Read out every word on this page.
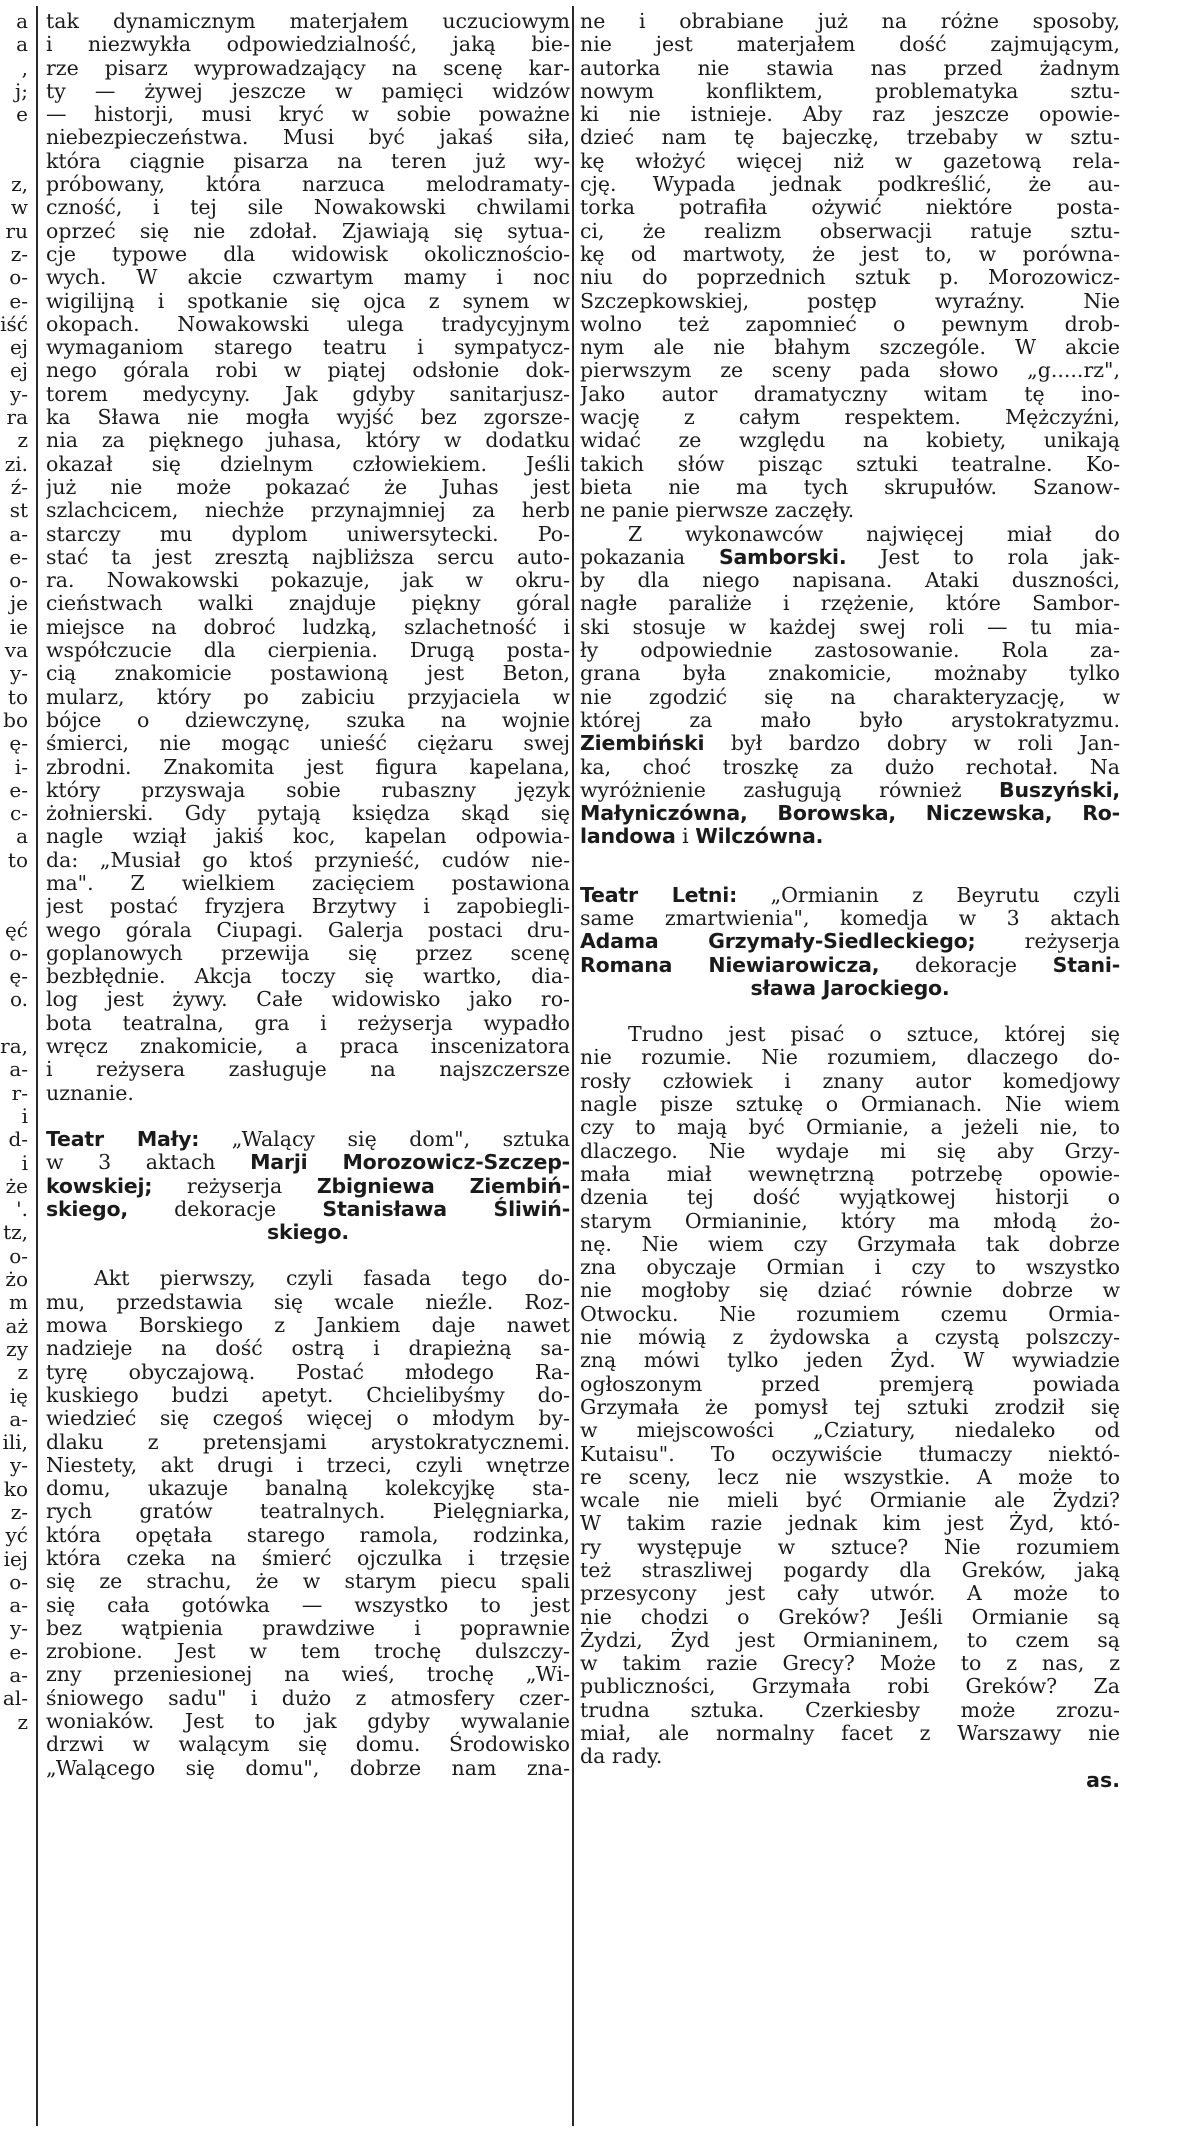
a
a
,
j;
e
z,
w
ru
z-
o-
e-
iść
ej
ej
y-
ra
z
zi.
ź-
st
a-
e-
o-
je
ie
va
y-
to
bo
ę-
i-
e-
c-
a
to
ęć
o-
ę-
o.
ra,
a-
r-
i
d-
i
że
'.
tz,
o-
żo
m
aż
zy
z
ię
a-
ili,
y-
ko
z-
yć
iej
o-
a-
y-
e-
a-
al-
z
tak dynamicznym materjałem uczuciowym
i niezwykła odpowiedzialność, jaką bie-
rze pisarz wyprowadzający na scenę kar-
ty — żywej jeszcze w pamięci widzów
— historji, musi kryć w sobie poważne
niebezpieczeństwa. Musi być jakaś siła,
która ciągnie pisarza na teren już wy-
próbowany, która narzuca melodramaty-
czność, i tej sile Nowakowski chwilami
oprzeć się nie zdołał. Zjawiają się sytua-
cje typowe dla widowisk okolicznościo-
wych. W akcie czwartym mamy i noc
wigilijną i spotkanie się ojca z synem w
okopach. Nowakowski ulega tradycyjnym
wymaganiom starego teatru i sympatycz-
nego górala robi w piątej odsłonie dok-
torem medycyny. Jak gdyby sanitarjusz-
ka Sława nie mogła wyjść bez zgorsze-
nia za pięknego juhasa, który w dodatku
okazał się dzielnym człowiekiem. Jeśli
już nie może pokazać że Juhas jest
szlachcicem, niechże przynajmniej za herb
starczy mu dyplom uniwersytecki. Po-
stać ta jest zresztą najbliższa sercu auto-
ra. Nowakowski pokazuje, jak w okru-
cieństwach walki znajduje piękny góral
miejsce na dobroć ludzką, szlachetność i
współczucie dla cierpienia. Drugą posta-
cią znakomicie postawioną jest Beton,
mularz, który po zabiciu przyjaciela w
bójce o dziewczynę, szuka na wojnie
śmierci, nie mogąc unieść ciężaru swej
zbrodni. Znakomita jest figura kapelana,
który przyswaja sobie rubaszny język
żołnierski. Gdy pytają księdza skąd się
nagle wziął jakiś koc, kapelan odpowia-
da: „Musiał go ktoś przynieść, cudów nie-
ma". Z wielkiem zacięciem postawiona
jest postać fryzjera Brzytwy i zapobiegli-
wego górala Ciupagi. Galerja postaci dru-
goplanowych przewija się przez scenę
bezbłędnie. Akcja toczy się wartko, dia-
log jest żywy. Całe widowisko jako ro-
bota teatralna, gra i reżyserja wypadło
wręcz znakomicie, a praca inscenizatora
i reżysera zasługuje na najszczersze
uznanie.
Teatr Mały: „Walący się dom", sztuka
w 3 aktach Marji Morozowicz-Szczep-
kowskiej; reżyserja Zbigniewa Ziembiń-
skiego, dekoracje Stanisława Śliwiń-
skiego.
Akt pierwszy, czyli fasada tego do-
mu, przedstawia się wcale nieźle. Roz-
mowa Borskiego z Jankiem daje nawet
nadzieje na dość ostrą i drapieżną sa-
tyrę obyczajową. Postać młodego Ra-
kuskiego budzi apetyt. Chcielibyśmy do-
wiedzieć się czegoś więcej o młodym by-
dlaku z pretensjami arystokratycznemi.
Niestety, akt drugi i trzeci, czyli wnętrze
domu, ukazuje banalną kolekcyjkę sta-
rych gratów teatralnych. Pielęgniarka,
która opętała starego ramola, rodzinka,
która czeka na śmierć ojczulka i trzęsie
się ze strachu, że w starym piecu spali
się cała gotówka — wszystko to jest
bez wątpienia prawdziwe i poprawnie
zrobione. Jest w tem trochę dulszczy-
zny przeniesionej na wieś, trochę „Wi-
śniowego sadu" i dużo z atmosfery czer-
woniaków. Jest to jak gdyby wywalanie
drzwi w walącym się domu. Środowisko
„Walącego się domu", dobrze nam zna-
ne i obrabiane już na różne sposoby,
nie jest materjałem dość zajmującym,
autorka nie stawia nas przed żadnym
nowym konfliktem, problematyka sztu-
ki nie istnieje. Aby raz jeszcze opowie-
dzieć nam tę bajeczkę, trzebaby w sztu-
kę włożyć więcej niż w gazetową rela-
cję. Wypada jednak podkreślić, że au-
torka potrafiła ożywić niektóre posta-
ci, że realizm obserwacji ratuje sztu-
kę od martwoty, że jest to, w porówna-
niu do poprzednich sztuk p. Morozowicz-
Szczepkowskiej, postęp wyraźny. Nie
wolno też zapomnieć o pewnym drob-
nym ale nie błahym szczególe. W akcie
pierwszym ze sceny pada słowo „g.....rz",
Jako autor dramatyczny witam tę ino-
wację z całym respektem. Mężczyźni,
widać ze względu na kobiety, unikają
takich słów pisząc sztuki teatralne. Ko-
bieta nie ma tych skrupułów. Szanow-
ne panie pierwsze zaczęły.
Z wykonawców najwięcej miał do
pokazania Samborski. Jest to rola jak-
by dla niego napisana. Ataki duszności,
nagłe paraliże i rzężenie, które Sambor-
ski stosuje w każdej swej roli — tu mia-
ły odpowiednie zastosowanie. Rola za-
grana była znakomicie, możnaby tylko
nie zgodzić się na charakteryzację, w
której za mało było arystokratyzmu.
Ziembiński był bardzo dobry w roli Jan-
ka, choć troszkę za dużo rechotał. Na
wyróżnienie zasługują również Buszyński,
Małyniczówna, Borowska, Niczewska, Ro-
landowa i Wilczówna.
Teatr Letni: „Ormianin z Beyrutu czyli
same zmartwienia", komedja w 3 aktach
Adama Grzymały-Siedleckiego; reżyserja
Romana Niewiarowicza, dekoracje Stani-
sława Jarockiego.
Trudno jest pisać o sztuce, której się
nie rozumie. Nie rozumiem, dlaczego do-
rosły człowiek i znany autor komedjowy
nagle pisze sztukę o Ormianach. Nie wiem
czy to mają być Ormianie, a jeżeli nie, to
dlaczego. Nie wydaje mi się aby Grzy-
mała miał wewnętrzną potrzebę opowie-
dzenia tej dość wyjątkowej historji o
starym Ormianinie, który ma młodą żo-
nę. Nie wiem czy Grzymała tak dobrze
zna obyczaje Ormian i czy to wszystko
nie mogłoby się dziać równie dobrze w
Otwocku. Nie rozumiem czemu Ormia-
nie mówią z żydowska a czystą polszczy-
zną mówi tylko jeden Żyd. W wywiadzie
ogłoszonym przed premjerą powiada
Grzymała że pomysł tej sztuki zrodził się
w miejscowości „Cziatury, niedaleko od
Kutaisu". To oczywiście tłumaczy niektó-
re sceny, lecz nie wszystkie. A może to
wcale nie mieli być Ormianie ale Żydzi?
W takim razie jednak kim jest Żyd, któ-
ry występuje w sztuce? Nie rozumiem
też straszliwej pogardy dla Greków, jaką
przesycony jest cały utwór. A może to
nie chodzi o Greków? Jeśli Ormianie są
Żydzi, Żyd jest Ormianinem, to czem są
w takim razie Grecy? Może to z nas, z
publiczności, Grzymała robi Greków? Za
trudna sztuka. Czerkiesby może zrozu-
miał, ale normalny facet z Warszawy nie
da rady.
as.
